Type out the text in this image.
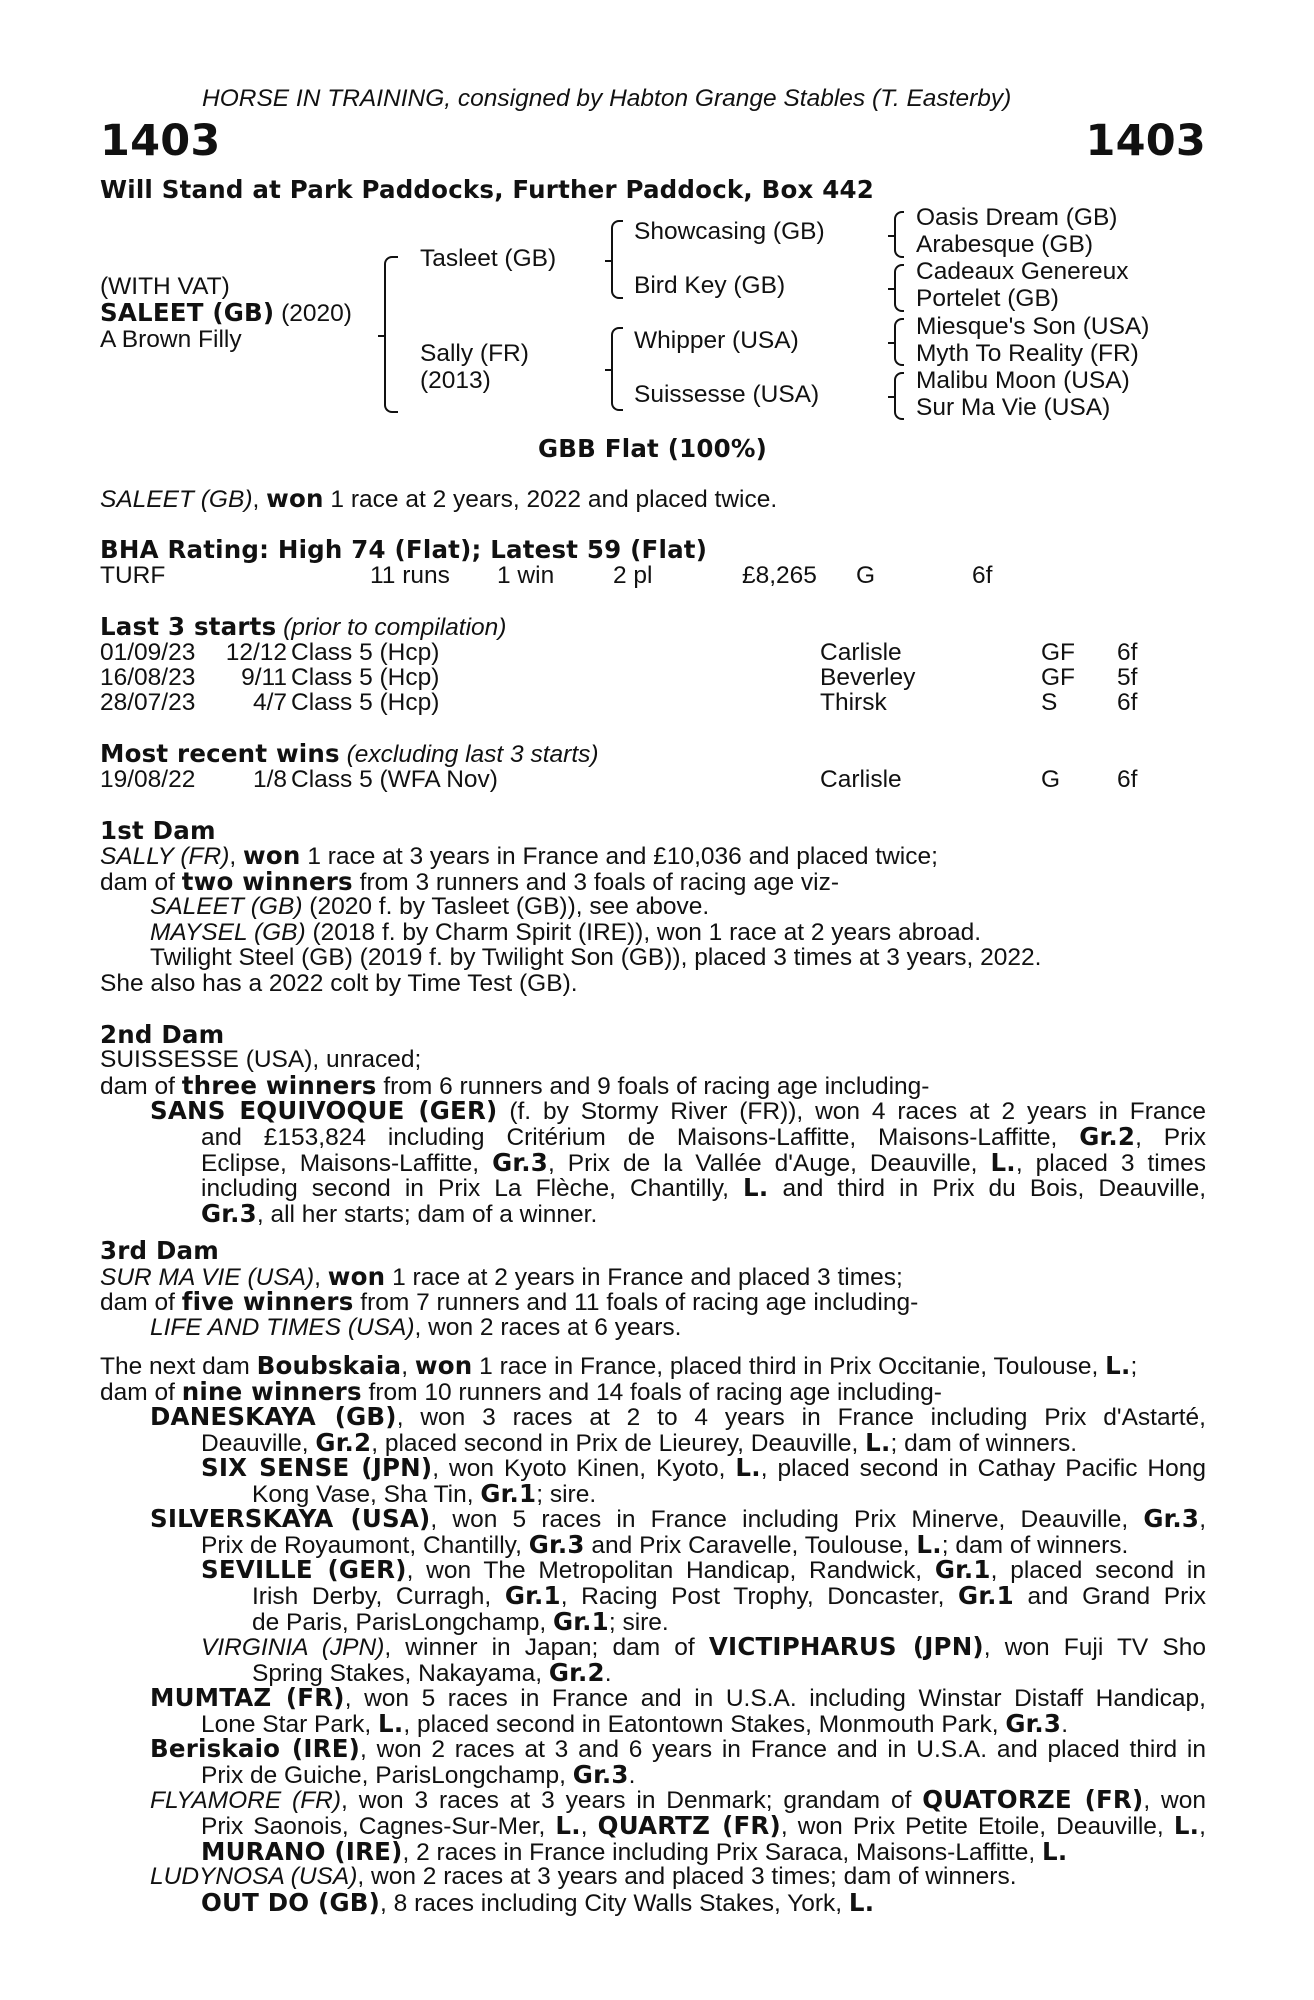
HORSE IN TRAINING, consigned by Habton Grange Stables (T. Easterby)
1403	1403
Will Stand at Park Paddocks, Further Paddock, Box 442
(WITH VAT)
SALEET (GB) (2020)
A Brown Filly
Tasleet (GB)
Sally (FR)
(2013)
Showcasing (GB)
Bird Key (GB)
Whipper (USA)
Suissesse (USA)
Oasis Dream (GB)
Arabesque (GB)
Cadeaux Genereux
Portelet (GB)
Miesque's Son (USA)
Myth To Reality (FR)
Malibu Moon (USA)
Sur Ma Vie (USA)
GBB Flat (100%)
SALEET (GB), won 1 race at 2 years, 2022 and placed twice.
BHA Rating: High 74 (Flat); Latest 59 (Flat)
TURF	11 runs 1 win 2 pl	£8,265 G	6f
Last 3 starts (prior to compilation)
01/09/23 12/12 Class 5 (Hcp)	Carlisle	GF 6f
16/08/23 9/11 Class 5 (Hcp)	Beverley	GF 5f
28/07/23 4/7 Class 5 (Hcp)	Thirsk	S 6f
Most recent wins (excluding last 3 starts)
19/08/22 1/8 Class 5 (WFA Nov)	Carlisle	G 6f
1st Dam
SALLY (FR), won 1 race at 3 years in France and £10,036 and placed twice;
dam of two winners from 3 runners and 3 foals of racing age viz-
SALEET (GB) (2020 f. by Tasleet (GB)), see above.
MAYSEL (GB) (2018 f. by Charm Spirit (IRE)), won 1 race at 2 years abroad.
Twilight Steel (GB) (2019 f. by Twilight Son (GB)), placed 3 times at 3 years, 2022.
She also has a 2022 colt by Time Test (GB).
2nd Dam
SUISSESSE (USA), unraced;
dam of three winners from 6 runners and 9 foals of racing age including-
SANS EQUIVOQUE (GER) (f. by Stormy River (FR)), won 4 races at 2 years in France
and £153,824 including Critérium de Maisons-Laffitte, Maisons-Laffitte, Gr.2, Prix
Eclipse, Maisons-Laffitte, Gr.3, Prix de la Vallée d'Auge, Deauville, L., placed 3 times
including second in Prix La Flèche, Chantilly, L. and third in Prix du Bois, Deauville,
Gr.3, all her starts; dam of a winner.
3rd Dam
SUR MA VIE (USA), won 1 race at 2 years in France and placed 3 times;
dam of five winners from 7 runners and 11 foals of racing age including-
LIFE AND TIMES (USA), won 2 races at 6 years.
The next dam Boubskaia, won 1 race in France, placed third in Prix Occitanie, Toulouse, L.;
dam of nine winners from 10 runners and 14 foals of racing age including-
DANESKAYA (GB), won 3 races at 2 to 4 years in France including Prix d'Astarté,
Deauville, Gr.2, placed second in Prix de Lieurey, Deauville, L.; dam of winners.
SIX SENSE (JPN), won Kyoto Kinen, Kyoto, L., placed second in Cathay Pacific Hong
Kong Vase, Sha Tin, Gr.1; sire.
SILVERSKAYA (USA), won 5 races in France including Prix Minerve, Deauville, Gr.3,
Prix de Royaumont, Chantilly, Gr.3 and Prix Caravelle, Toulouse, L.; dam of winners.
SEVILLE (GER), won The Metropolitan Handicap, Randwick, Gr.1, placed second in
Irish Derby, Curragh, Gr.1, Racing Post Trophy, Doncaster, Gr.1 and Grand Prix
de Paris, ParisLongchamp, Gr.1; sire.
VIRGINIA (JPN), winner in Japan; dam of VICTIPHARUS (JPN), won Fuji TV Sho
Spring Stakes, Nakayama, Gr.2.
MUMTAZ (FR), won 5 races in France and in U.S.A. including Winstar Distaff Handicap,
Lone Star Park, L., placed second in Eatontown Stakes, Monmouth Park, Gr.3.
Beriskaio (IRE), won 2 races at 3 and 6 years in France and in U.S.A. and placed third in
Prix de Guiche, ParisLongchamp, Gr.3.
FLYAMORE (FR), won 3 races at 3 years in Denmark; grandam of QUATORZE (FR), won
Prix Saonois, Cagnes-Sur-Mer, L., QUARTZ (FR), won Prix Petite Etoile, Deauville, L.,
MURANO (IRE), 2 races in France including Prix Saraca, Maisons-Laffitte, L.
LUDYNOSA (USA), won 2 races at 3 years and placed 3 times; dam of winners.
OUT DO (GB), 8 races including City Walls Stakes, York, L.
